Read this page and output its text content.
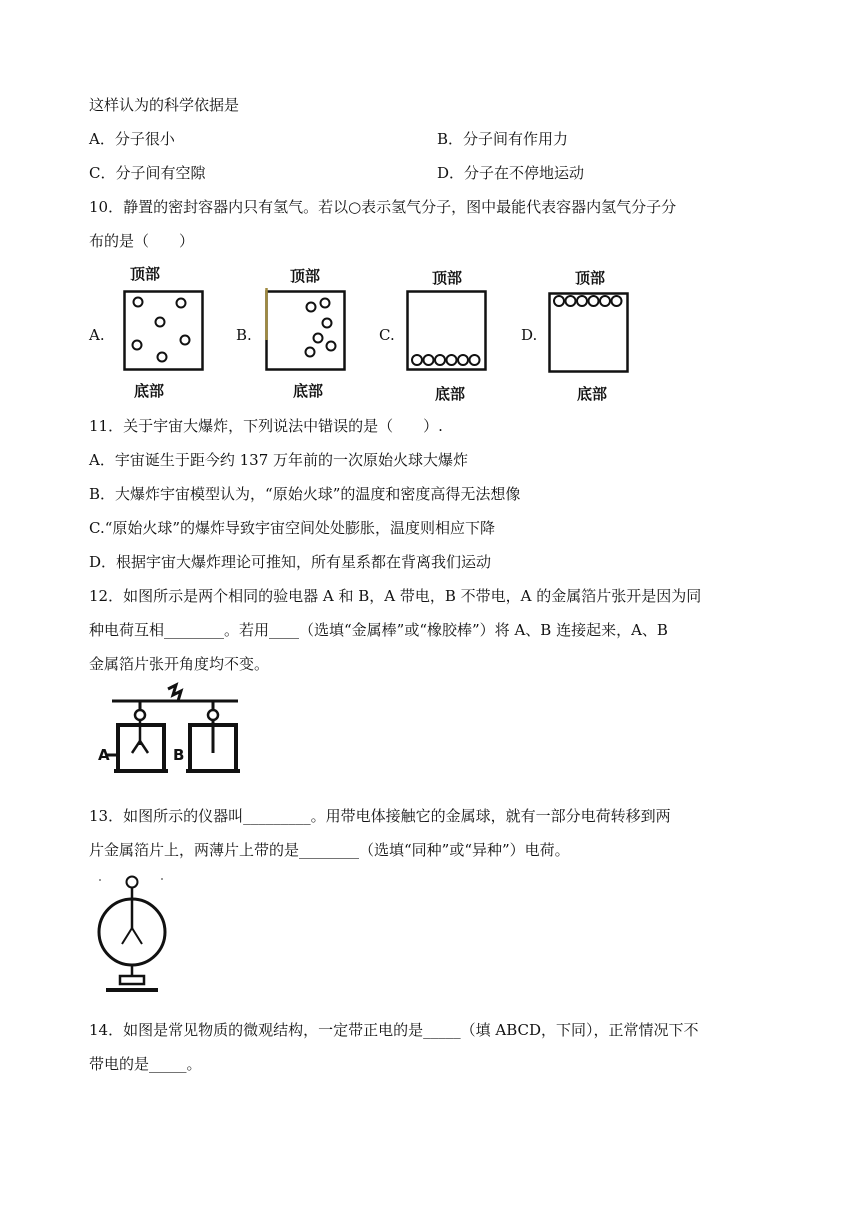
这样认为的科学依据是
A．分子很小	B．分子间有作用力
C．分子间有空隙	D．分子在不停地运动
10．静置的密封容器内只有氢气。若以○表示氢气分子，图中最能代表容器内氢气分子分
布的是（　　）
A.
顶部
底部
B.
顶部
底部
C.
顶部
底部
D.
顶部
底部
11．关于宇宙大爆炸，下列说法中错误的是（　　）.
A．宇宙诞生于距今约 137 万年前的一次原始火球大爆炸
B．大爆炸宇宙模型认为，“原始火球”的温度和密度高得无法想像
C.“原始火球”的爆炸导致宇宙空间处处膨胀，温度则相应下降
D．根据宇宙大爆炸理论可推知，所有星系都在背离我们运动
12．如图所示是两个相同的验电器 A 和 B，A 带电，B 不带电，A 的金属箔片张开是因为同
种电荷互相________。若用____（选填“金属棒”或“橡胶棒”）将 A、B 连接起来，A、B
金属箔片张开角度均不变。
A	B
13．如图所示的仪器叫_________。用带电体接触它的金属球，就有一部分电荷转移到两
片金属箔片上，两薄片上带的是________（选填“同种”或“异种”）电荷。
14．如图是常见物质的微观结构，一定带正电的是_____（填 ABCD，下同），正常情况下不
带电的是_____。
